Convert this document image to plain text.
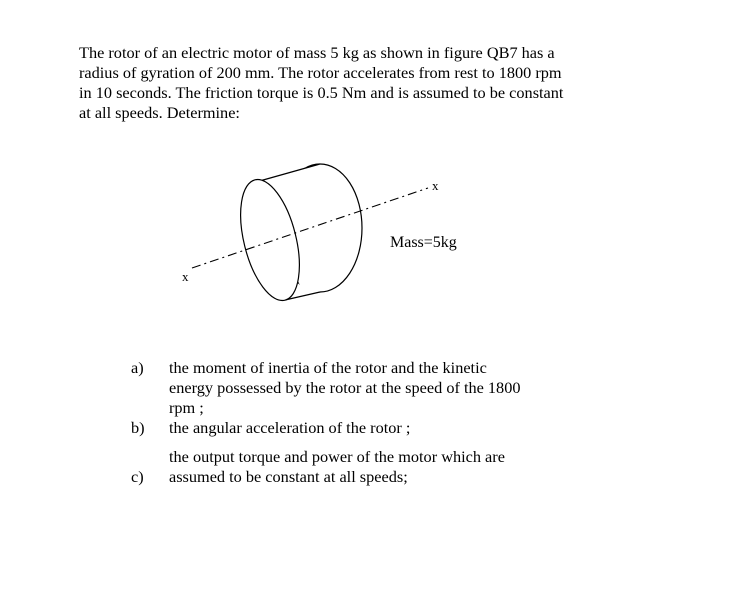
The rotor of an electric motor of mass 5 kg as shown in figure QB7 has a
radius of gyration of 200 mm. The rotor accelerates from rest to 1800 rpm
in 10 seconds. The friction torque is 0.5 Nm and is assumed to be constant
at all speeds. Determine:
x
x
Mass=5kg
a) the moment of inertia of the rotor and the kinetic
energy possessed by the rotor at the speed of the 1800
rpm ;
b) the angular acceleration of the rotor ;
c)
the output torque and power of the motor which are
assumed to be constant at all speeds;
